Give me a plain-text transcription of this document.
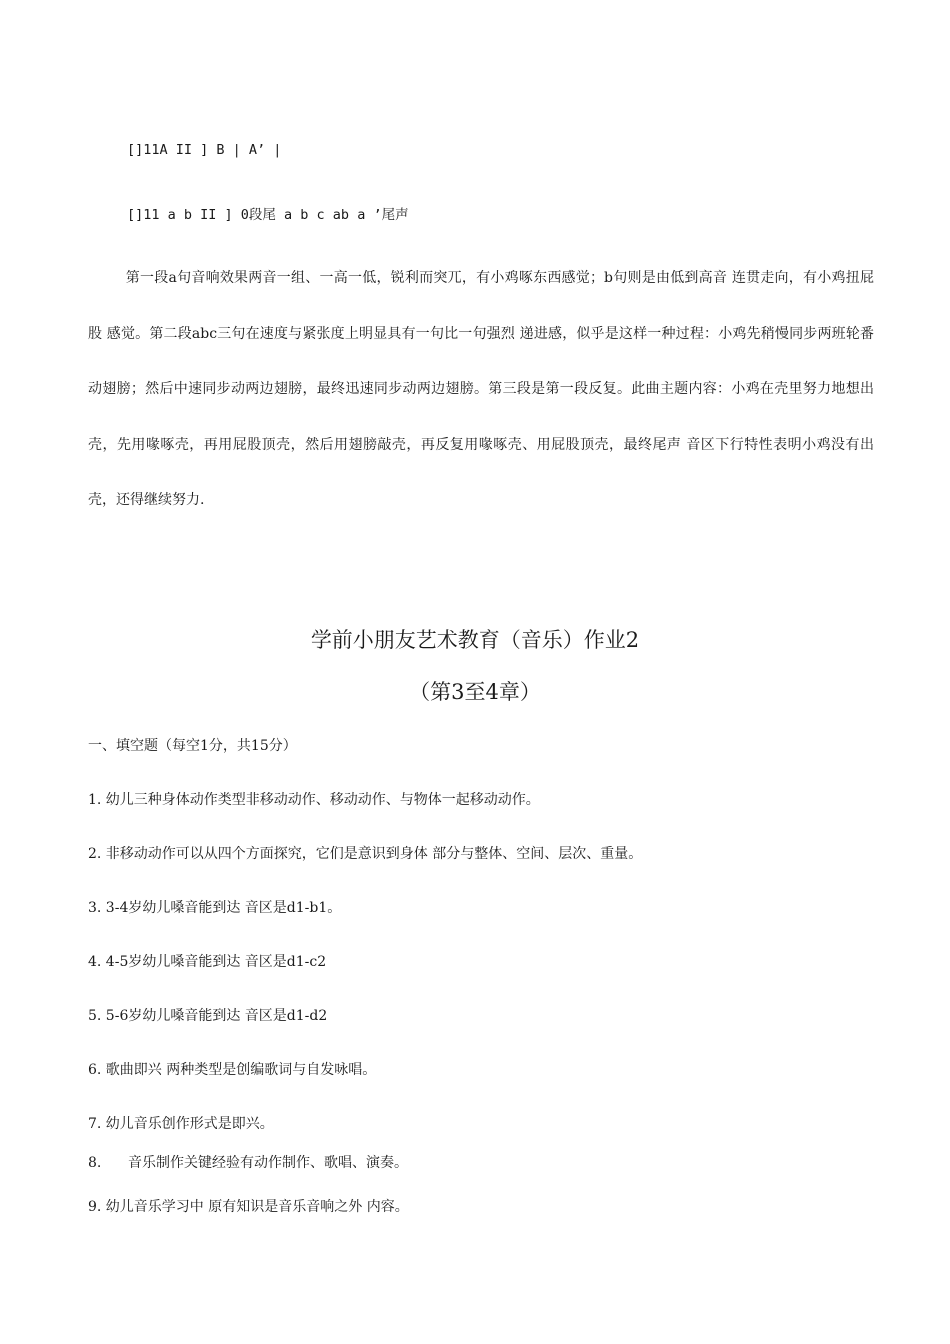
[]11A II ] B | A’ |
[]11 a b II ] 0段尾 a b c ab a ’尾声
第一段a句音响效果两音一组、一高一低，锐利而突兀，有小鸡啄东西感觉；b句则是由低到高音 连贯走向，有小鸡扭屁股 感觉。第二段abc三句在速度与紧张度上明显具有一句比一句强烈 递进感，似乎是这样一种过程：小鸡先稍慢同步两班轮番 动翅膀；然后中速同步动两边翅膀，最终迅速同步动两边翅膀。第三段是第一段反复。此曲主题内容：小鸡在壳里努力地想出壳，先用喙啄壳，再用屁股顶壳，然后用翅膀敲壳，再反复用喙啄壳、用屁股顶壳，最终尾声 音区下行特性表明小鸡没有出壳，还得继续努力.
学前小朋友艺术教育（音乐）作业2
（第3至4章）
一、填空题（每空1分，共15分）
1. 幼儿三种身体动作类型非移动动作、移动动作、与物体一起移动动作。
2. 非移动动作可以从四个方面探究，它们是意识到身体 部分与整体、空间、层次、重量。
3. 3-4岁幼儿嗓音能到达 音区是d1-b1。
4. 4-5岁幼儿嗓音能到达 音区是d1-c2
5. 5-6岁幼儿嗓音能到达 音区是d1-d2
6. 歌曲即兴 两种类型是创编歌词与自发咏唱。
7. 幼儿音乐创作形式是即兴。
8.      音乐制作关键经验有动作制作、歌唱、演奏。
9. 幼儿音乐学习中 原有知识是音乐音响之外 内容。
